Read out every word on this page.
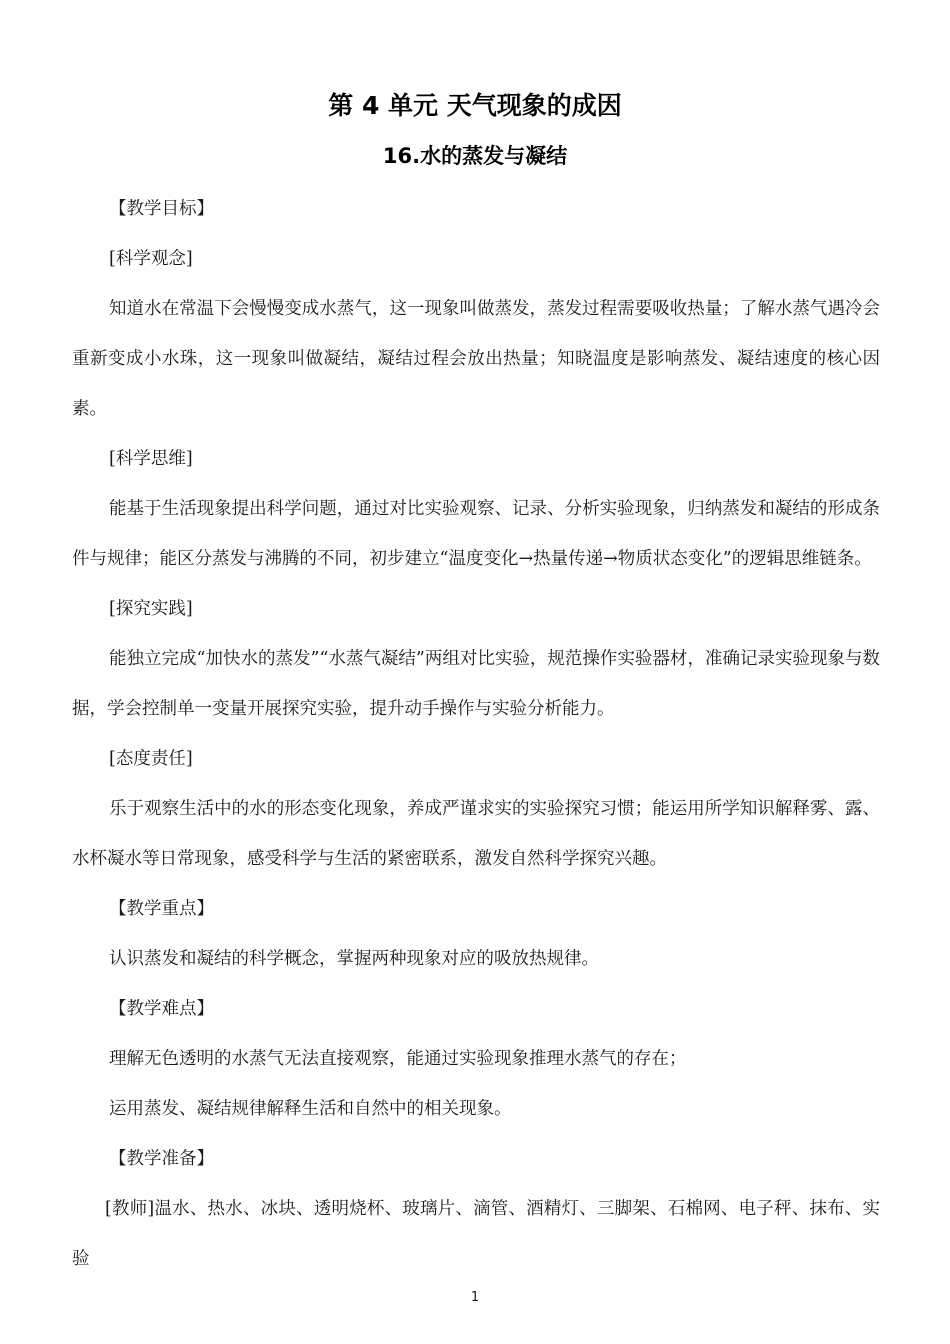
第 4 单元 天气现象的成因
16.水的蒸发与凝结

【教学目标】

[科学观念]

知道水在常温下会慢慢变成水蒸气，这一现象叫做蒸发，蒸发过程需要吸收热量；了解水蒸气遇冷会重新变成小水珠，这一现象叫做凝结，凝结过程会放出热量；知晓温度是影响蒸发、凝结速度的核心因素。

[科学思维]

能基于生活现象提出科学问题，通过对比实验观察、记录、分析实验现象，归纳蒸发和凝结的形成条件与规律；能区分蒸发与沸腾的不同，初步建立“温度变化→热量传递→物质状态变化”的逻辑思维链条。

[探究实践]

能独立完成“加快水的蒸发”“水蒸气凝结”两组对比实验，规范操作实验器材，准确记录实验现象与数据，学会控制单一变量开展探究实验，提升动手操作与实验分析能力。

[态度责任]

乐于观察生活中的水的形态变化现象，养成严谨求实的实验探究习惯；能运用所学知识解释雾、露、水杯凝水等日常现象，感受科学与生活的紧密联系，激发自然科学探究兴趣。

【教学重点】

认识蒸发和凝结的科学概念，掌握两种现象对应的吸放热规律。

【教学难点】

理解无色透明的水蒸气无法直接观察，能通过实验现象推理水蒸气的存在；

运用蒸发、凝结规律解释生活和自然中的相关现象。

【教学准备】

[教师]温水、热水、冰块、透明烧杯、玻璃片、滴管、酒精灯、三脚架、石棉网、电子秤、抹布、实验

1
